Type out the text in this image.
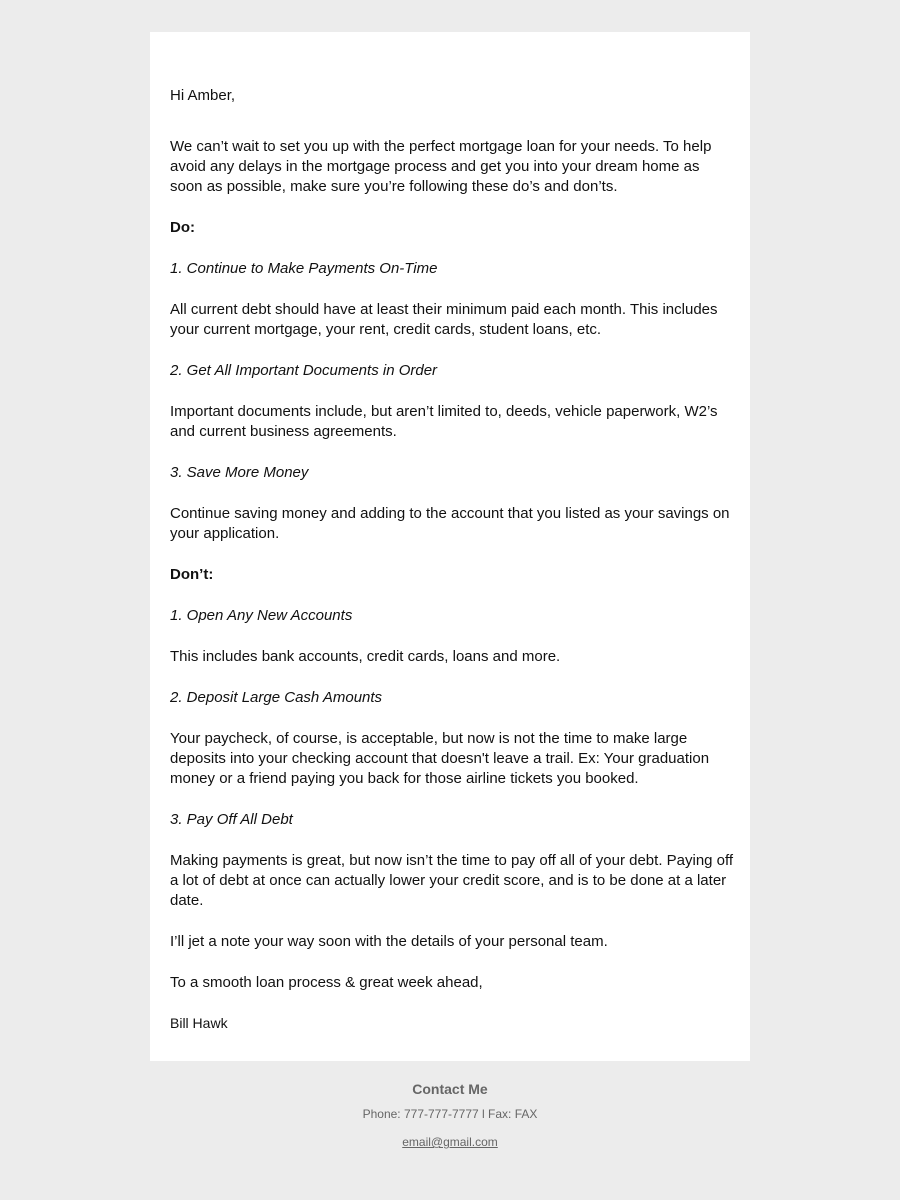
Hi Amber,

We can’t wait to set you up with the perfect mortgage loan for your needs. To help avoid any delays in the mortgage process and get you into your dream home as soon as possible, make sure you’re following these do’s and don’ts.

Do:

1. Continue to Make Payments On-Time

All current debt should have at least their minimum paid each month. This includes your current mortgage, your rent, credit cards, student loans, etc.

2. Get All Important Documents in Order

Important documents include, but aren’t limited to, deeds, vehicle paperwork, W2’s and current business agreements.

3. Save More Money

Continue saving money and adding to the account that you listed as your savings on your application.

Don’t:

1. Open Any New Accounts

This includes bank accounts, credit cards, loans and more.

2. Deposit Large Cash Amounts

Your paycheck, of course, is acceptable, but now is not the time to make large deposits into your checking account that doesn't leave a trail. Ex: Your graduation money or a friend paying you back for those airline tickets you booked.

3. Pay Off All Debt

Making payments is great, but now isn’t the time to pay off all of your debt. Paying off a lot of debt at once can actually lower your credit score, and is to be done at a later date.

I’ll jet a note your way soon with the details of your personal team.

To a smooth loan process & great week ahead,

Bill Hawk

Contact Me
Phone: 777-777-7777 l Fax: FAX
email@gmail.com
